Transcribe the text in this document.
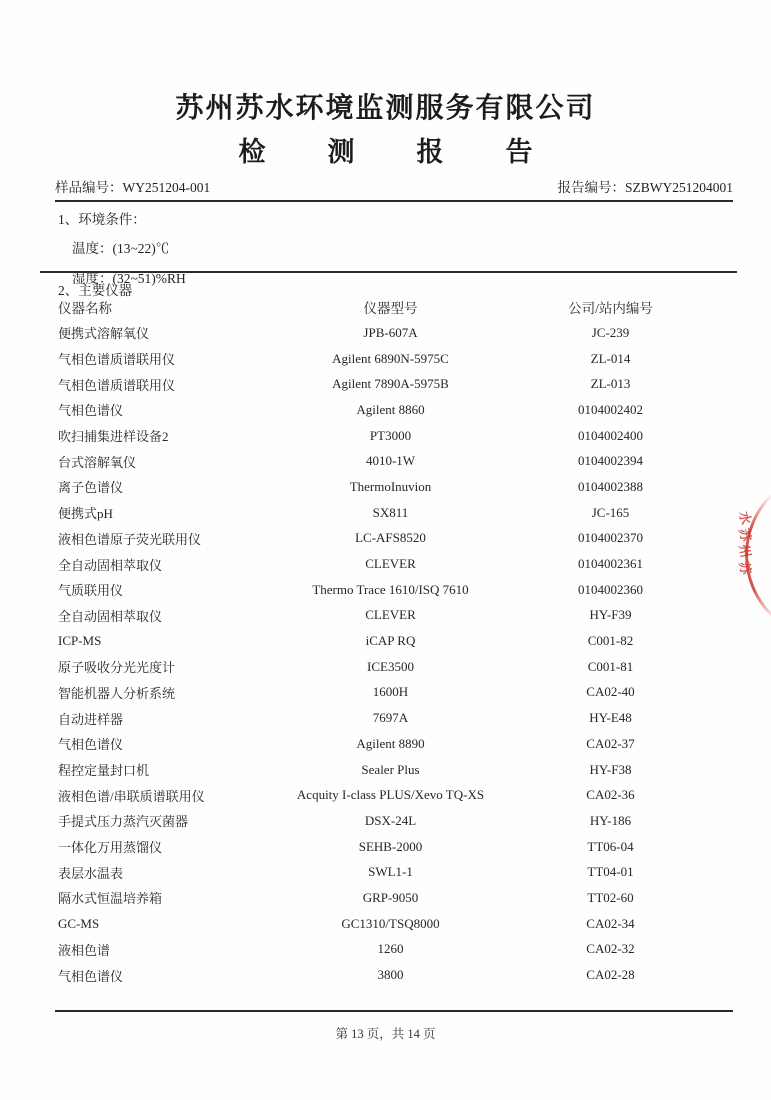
苏州苏水环境监测服务有限公司
检测报告
样品编号：WY251204-001	报告编号：SZBWY251204001
1、环境条件：
温度：(13~22)℃
湿度：(32~51)%RH
2、主要仪器
仪器名称	仪器型号	公司/站内编号
便携式溶解氧仪	JPB-607A	JC-239
气相色谱质谱联用仪	Agilent 6890N-5975C	ZL-014
气相色谱质谱联用仪	Agilent 7890A-5975B	ZL-013
气相色谱仪	Agilent 8860	0104002402
吹扫捕集进样设备2	PT3000	0104002400
台式溶解氧仪	4010-1W	0104002394
离子色谱仪	ThermoInuvion	0104002388
便携式pH	SX811	JC-165
液相色谱原子荧光联用仪	LC-AFS8520	0104002370
全自动固相萃取仪	CLEVER	0104002361
气质联用仪	Thermo Trace 1610/ISQ 7610	0104002360
全自动固相萃取仪	CLEVER	HY-F39
ICP-MS	iCAP RQ	C001-82
原子吸收分光光度计	ICE3500	C001-81
智能机器人分析系统	1600H	CA02-40
自动进样器	7697A	HY-E48
气相色谱仪	Agilent 8890	CA02-37
程控定量封口机	Sealer Plus	HY-F38
液相色谱/串联质谱联用仪	Acquity I-class PLUS/Xevo TQ-XS	CA02-36
手提式压力蒸汽灭菌器	DSX-24L	HY-186
一体化万用蒸馏仪	SEHB-2000	TT06-04
表层水温表	SWL1-1	TT04-01
隔水式恒温培养箱	GRP-9050	TT02-60
GC-MS	GC1310/TSQ8000	CA02-34
液相色谱	1260	CA02-32
气相色谱仪	3800	CA02-28
第 13 页，共 14 页
水
苏
州
苏
